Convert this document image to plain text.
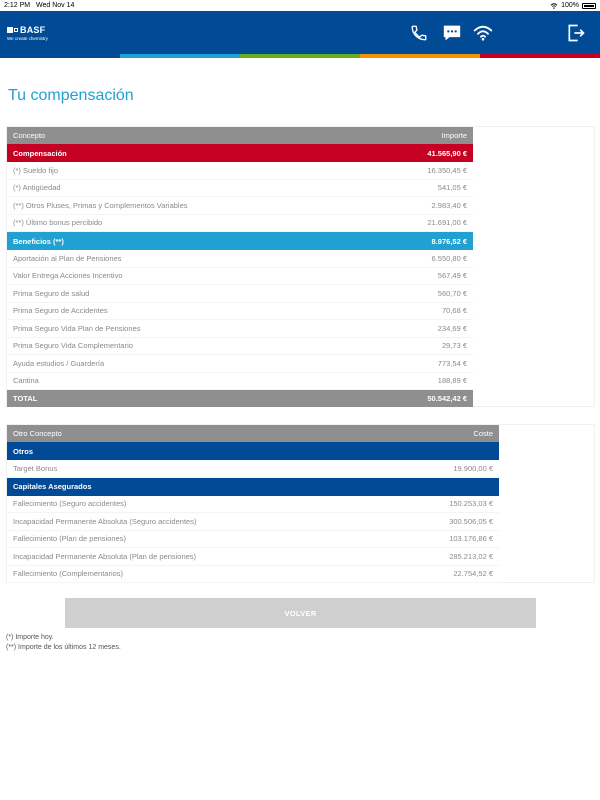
2:12 PM Wed Nov 14	100%
BASF
We create chemistry
Tu compensación
Concepto	Importe
Compensación	41.565,90 €
(*) Sueldo fijo	16.350,45 €
(*) Antigüedad	541,05 €
(**) Otros Pluses, Primas y Complementos Variables	2.983,40 €
(**) Último bonus percibido	21.691,00 €
Beneficios (**)	8.976,52 €
Aportación al Plan de Pensiones	6.550,80 €
Valor Entrega Acciones Incentivo	567,49 €
Prima Seguro de salud	560,70 €
Prima Seguro de Accidentes	70,68 €
Prima Seguro Vida Plan de Pensiones	234,69 €
Prima Seguro Vida Complementario	29,73 €
Ayuda estudios / Guardería	773,54 €
Cantina	188,89 €
TOTAL	50.542,42 €
Otro Concepto	Coste
Otros
Target Bonus	19.900,00 €
Capitales Asegurados
Fallecimiento (Seguro accidentes)	150.253,03 €
Incapacidad Permanente Absoluta (Seguro accidentes)	300.506,05 €
Fallecimiento (Plan de pensiones)	103.176,86 €
Incapacidad Permanente Absoluta (Plan de pensiones)	285.213,02 €
Fallecimiento (Complementarios)	22.754,52 €
VOLVER
(*) Importe hoy.
(**) Importe de los últimos 12 meses.
